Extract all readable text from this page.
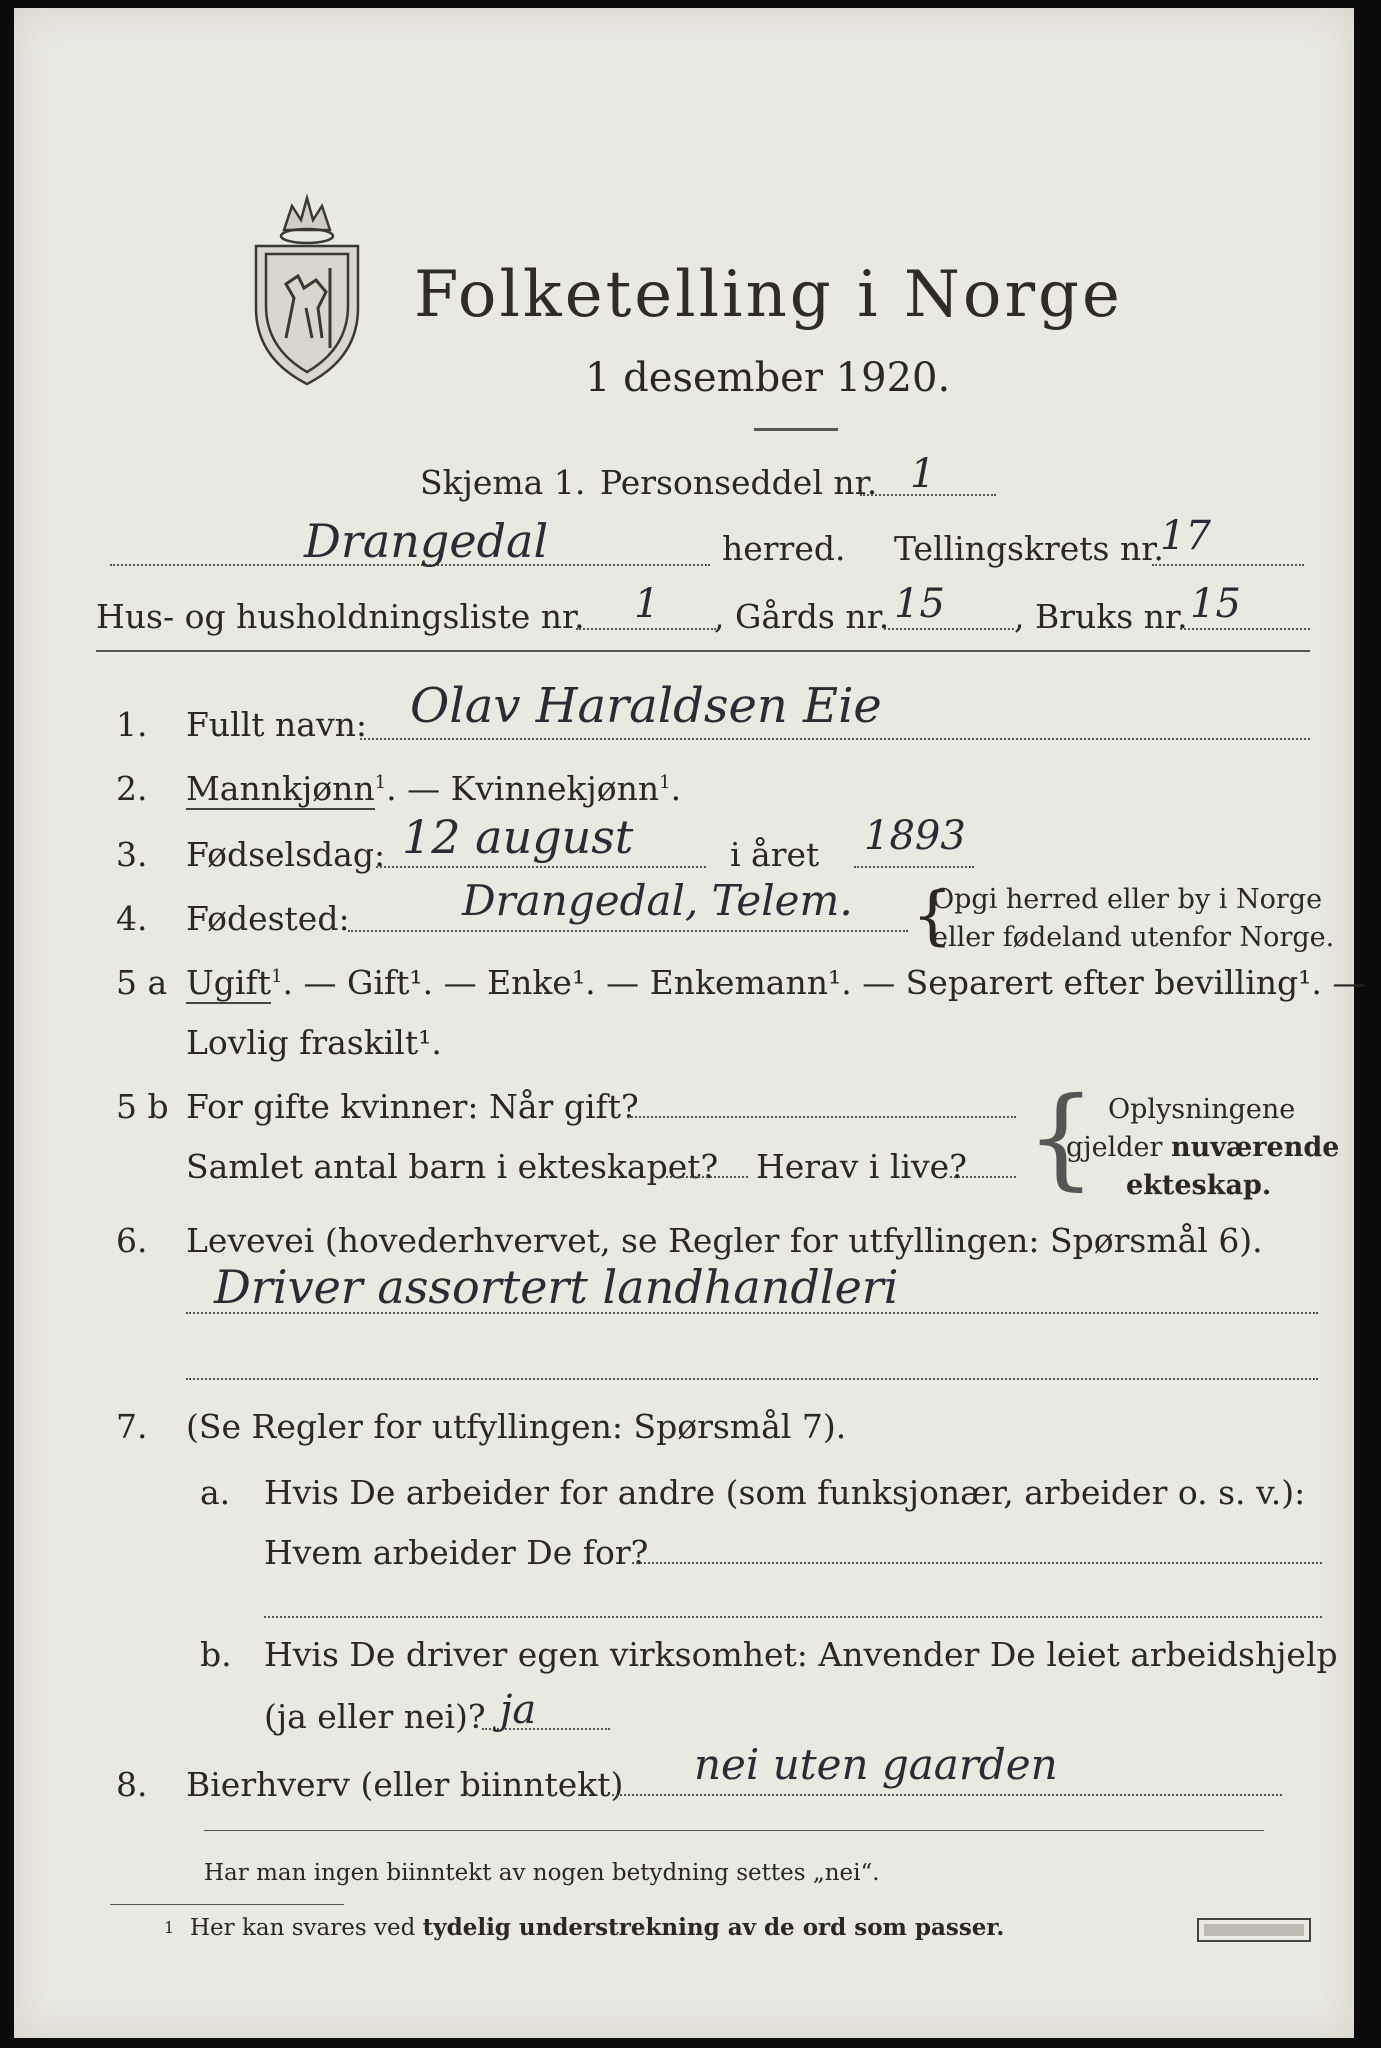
Folketelling i Norge
1 desember 1920.
Skjema 1. Personseddel nr. 1
Drangedal	herred. Tellingskrets nr.
17
Hus- og husholdningsliste nr. 1 , Gårds nr. 15 , Bruks nr. 15
1. Fullt navn: Olav Haraldsen Eie
2. Mannkjønn$^1$. — Kvinnekjønn$^1$.
3. Fødselsdag: 12 august	i året 1893
4. Fødested:	Drangedal, Telem. {
Opgi herred eller by i Norge
eller fødeland utenfor Norge.
5 a Ugift$^1$. — Gift¹. — Enke¹. — Enkemann¹. — Separert efter bevilling¹. —
Lovlig fraskilt¹.
5 b For gifte kvinner: Når gift?
Samlet antal barn i ekteskapet? Herav i live? { Oplysningene
gjelder nuværende
ekteskap.
6. Levevei (hovederhvervet, se Regler for utfyllingen: Spørsmål 6).
Driver assortert landhandleri
7. (Se Regler for utfyllingen: Spørsmål 7).
a. Hvis De arbeider for andre (som funksjonær, arbeider o. s. v.):
Hvem arbeider De for?
b. Hvis De driver egen virksomhet: Anvender De leiet arbeidshjelp
(ja eller nei)? ja
8. Bierhverv (eller biinntekt) nei uten gaarden
Har man ingen biinntekt av nogen betydning settes „nei“.
1 Her kan svares ved tydelig understrekning av de ord som passer.
